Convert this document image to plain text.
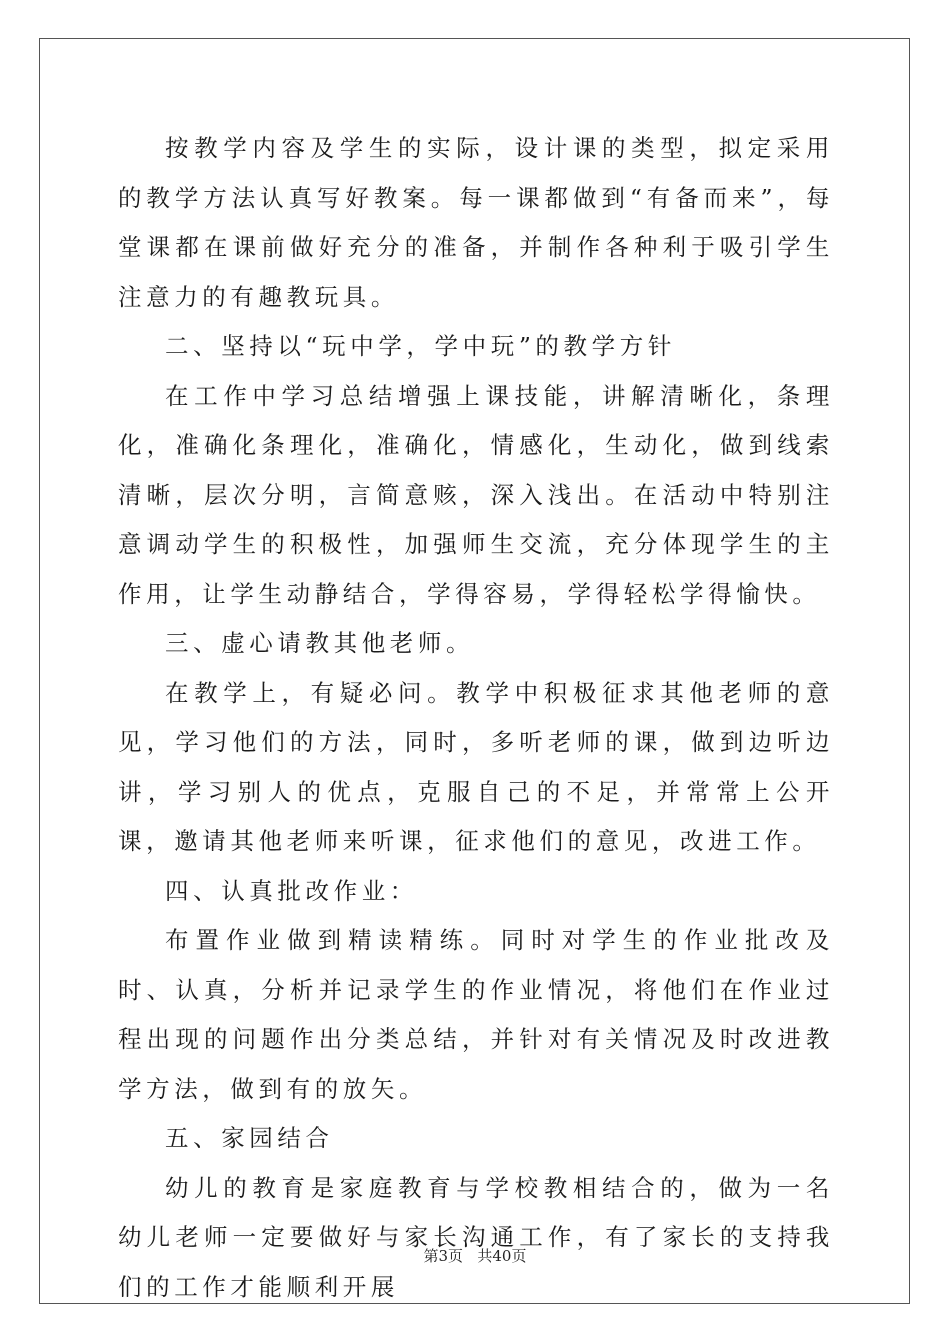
按教学内容及学生的实际，设计课的类型，拟定采用的教学方法认真写好教案。每一课都做到“有备而来”，每堂课都在课前做好充分的准备，并制作各种利于吸引学生注意力的有趣教玩具。

二、坚持以“玩中学，学中玩”的教学方针

在工作中学习总结增强上课技能，讲解清晰化，条理化，准确化条理化，准确化，情感化，生动化，做到线索清晰，层次分明，言简意赅，深入浅出。在活动中特别注意调动学生的积极性，加强师生交流，充分体现学生的主作用，让学生动静结合，学得容易，学得轻松学得愉快。

三、虚心请教其他老师。

在教学上，有疑必问。教学中积极征求其他老师的意见，学习他们的方法，同时，多听老师的课，做到边听边讲，学习别人的优点，克服自己的不足，并常常上公开课，邀请其他老师来听课，征求他们的意见，改进工作。

四、认真批改作业：

布置作业做到精读精练。同时对学生的作业批改及时、认真，分析并记录学生的作业情况，将他们在作业过程出现的问题作出分类总结，并针对有关情况及时改进教学方法，做到有的放矢。

五、家园结合

幼儿的教育是家庭教育与学校教相结合的，做为一名幼儿老师一定要做好与家长沟通工作，有了家长的支持我们的工作才能顺利开展

第3页 共40页
